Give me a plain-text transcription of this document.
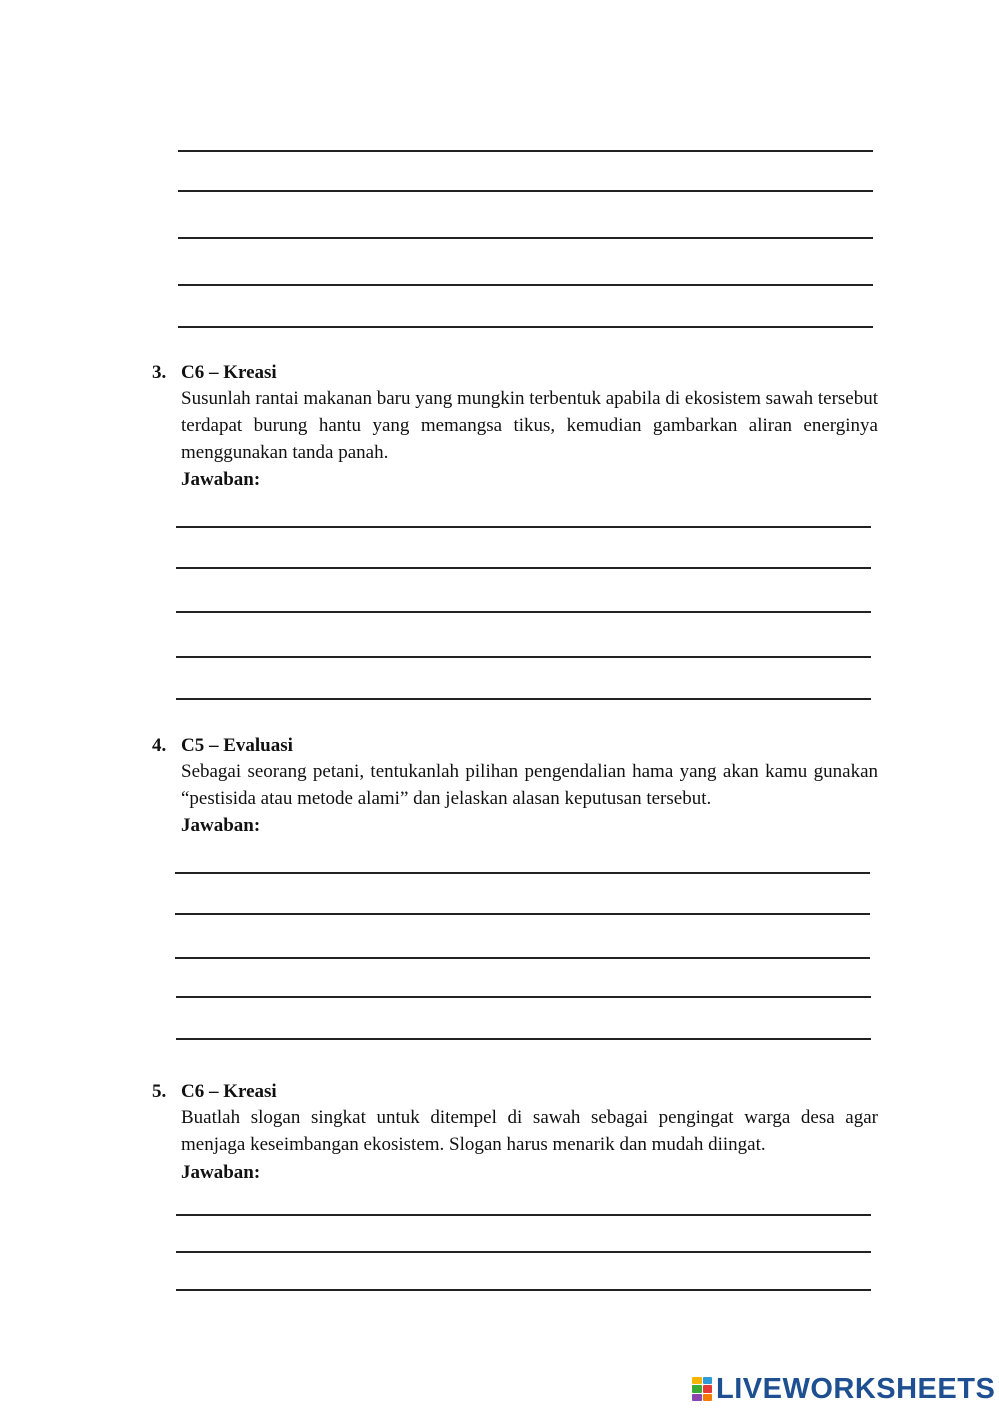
3. C6 – Kreasi
Susunlah rantai makanan baru yang mungkin terbentuk apabila di ekosistem sawah tersebut terdapat burung hantu yang memangsa tikus, kemudian gambarkan aliran energinya menggunakan tanda panah.
Jawaban:
4. C5 – Evaluasi
Sebagai seorang petani, tentukanlah pilihan pengendalian hama yang akan kamu gunakan “pestisida atau metode alami” dan jelaskan alasan keputusan tersebut.
Jawaban:
5. C6 – Kreasi
Buatlah slogan singkat untuk ditempel di sawah sebagai pengingat warga desa agar menjaga keseimbangan ekosistem. Slogan harus menarik dan mudah diingat.
Jawaban:
LIVEWORKSHEETS
